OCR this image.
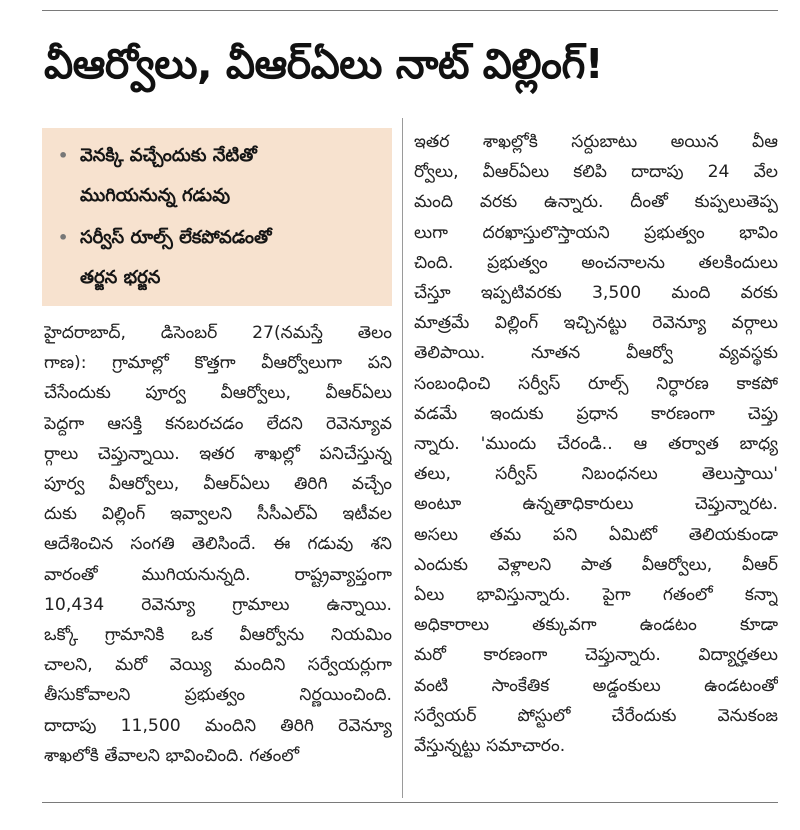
వీఆర్వోలు, వీఆర్ఏలు నాట్ విల్లింగ్!
• వెనక్కి వచ్చేందుకు నేటితో
ముగియనున్న గడువు
• సర్వీస్ రూల్స్ లేకపోవడంతో
తర్జన భర్జన
హైదరాబాద్, డిసెంబర్ 27(నమస్తే తెలం
గాణ): గ్రామాల్లో కొత్తగా వీఆర్వోలుగా పని
చేసేందుకు పూర్వ వీఆర్వోలు, వీఆర్ఏలు
పెద్దగా ఆసక్తి కనబరచడం లేదని రెవెన్యూవ
ర్గాలు చెప్తున్నాయి. ఇతర శాఖల్లో పనిచేస్తున్న
పూర్వ వీఆర్వోలు, వీఆర్ఏలు తిరిగి వచ్చేం
దుకు విల్లింగ్ ఇవ్వాలని సీసీఎల్ఏ ఇటీవల
ఆదేశించిన సంగతి తెలిసిందే. ఈ గడువు శని
వారంతో ముగియనున్నది. రాష్ట్రవ్యాప్తంగా
10,434 రెవెన్యూ గ్రామాలు ఉన్నాయి.
ఒక్కో గ్రామానికి ఒక వీఆర్వోను నియమిం
చాలని, మరో వెయ్యి మందిని సర్వేయర్లుగా
తీసుకోవాలని ప్రభుత్వం నిర్ణయించింది.
దాదాపు 11,500 మందిని తిరిగి రెవెన్యూ
శాఖలోకి తేవాలని భావించింది. గతంలో
ఇతర శాఖల్లోకి సర్దుబాటు అయిన వీఆ
ర్వోలు, వీఆర్ఏలు కలిపి దాదాపు 24 వేల
మంది వరకు ఉన్నారు. దీంతో కుప్పలుతెప్ప
లుగా దరఖాస్తులొస్తాయని ప్రభుత్వం భావిం
చింది. ప్రభుత్వం అంచనాలను తలకిందులు
చేస్తూ ఇప్పటివరకు 3,500 మంది వరకు
మాత్రమే విల్లింగ్ ఇచ్చినట్టు రెవెన్యూ వర్గాలు
తెలిపాయి. నూతన వీఆర్వో వ్యవస్థకు
సంబంధించి సర్వీస్ రూల్స్ నిర్ధారణ కాకపో
వడమే ఇందుకు ప్రధాన కారణంగా చెప్తు
న్నారు. 'ముందు చేరండి.. ఆ తర్వాత బాధ్య
తలు, సర్వీస్ నిబంధనలు తెలుస్తాయి'
అంటూ ఉన్నతాధికారులు చెప్తున్నారట.
అసలు తమ పని ఏమిటో తెలియకుండా
ఎందుకు వెళ్లాలని పాత వీఆర్వోలు, వీఆర్
ఏలు భావిస్తున్నారు. పైగా గతంలో కన్నా
అధికారాలు తక్కువగా ఉండటం కూడా
మరో కారణంగా చెప్తున్నారు. విద్యార్హతలు
వంటి సాంకేతిక అడ్డంకులు ఉండటంతో
సర్వేయర్ పోస్టులో చేరేందుకు వెనుకంజ
వేస్తున్నట్టు సమాచారం.
